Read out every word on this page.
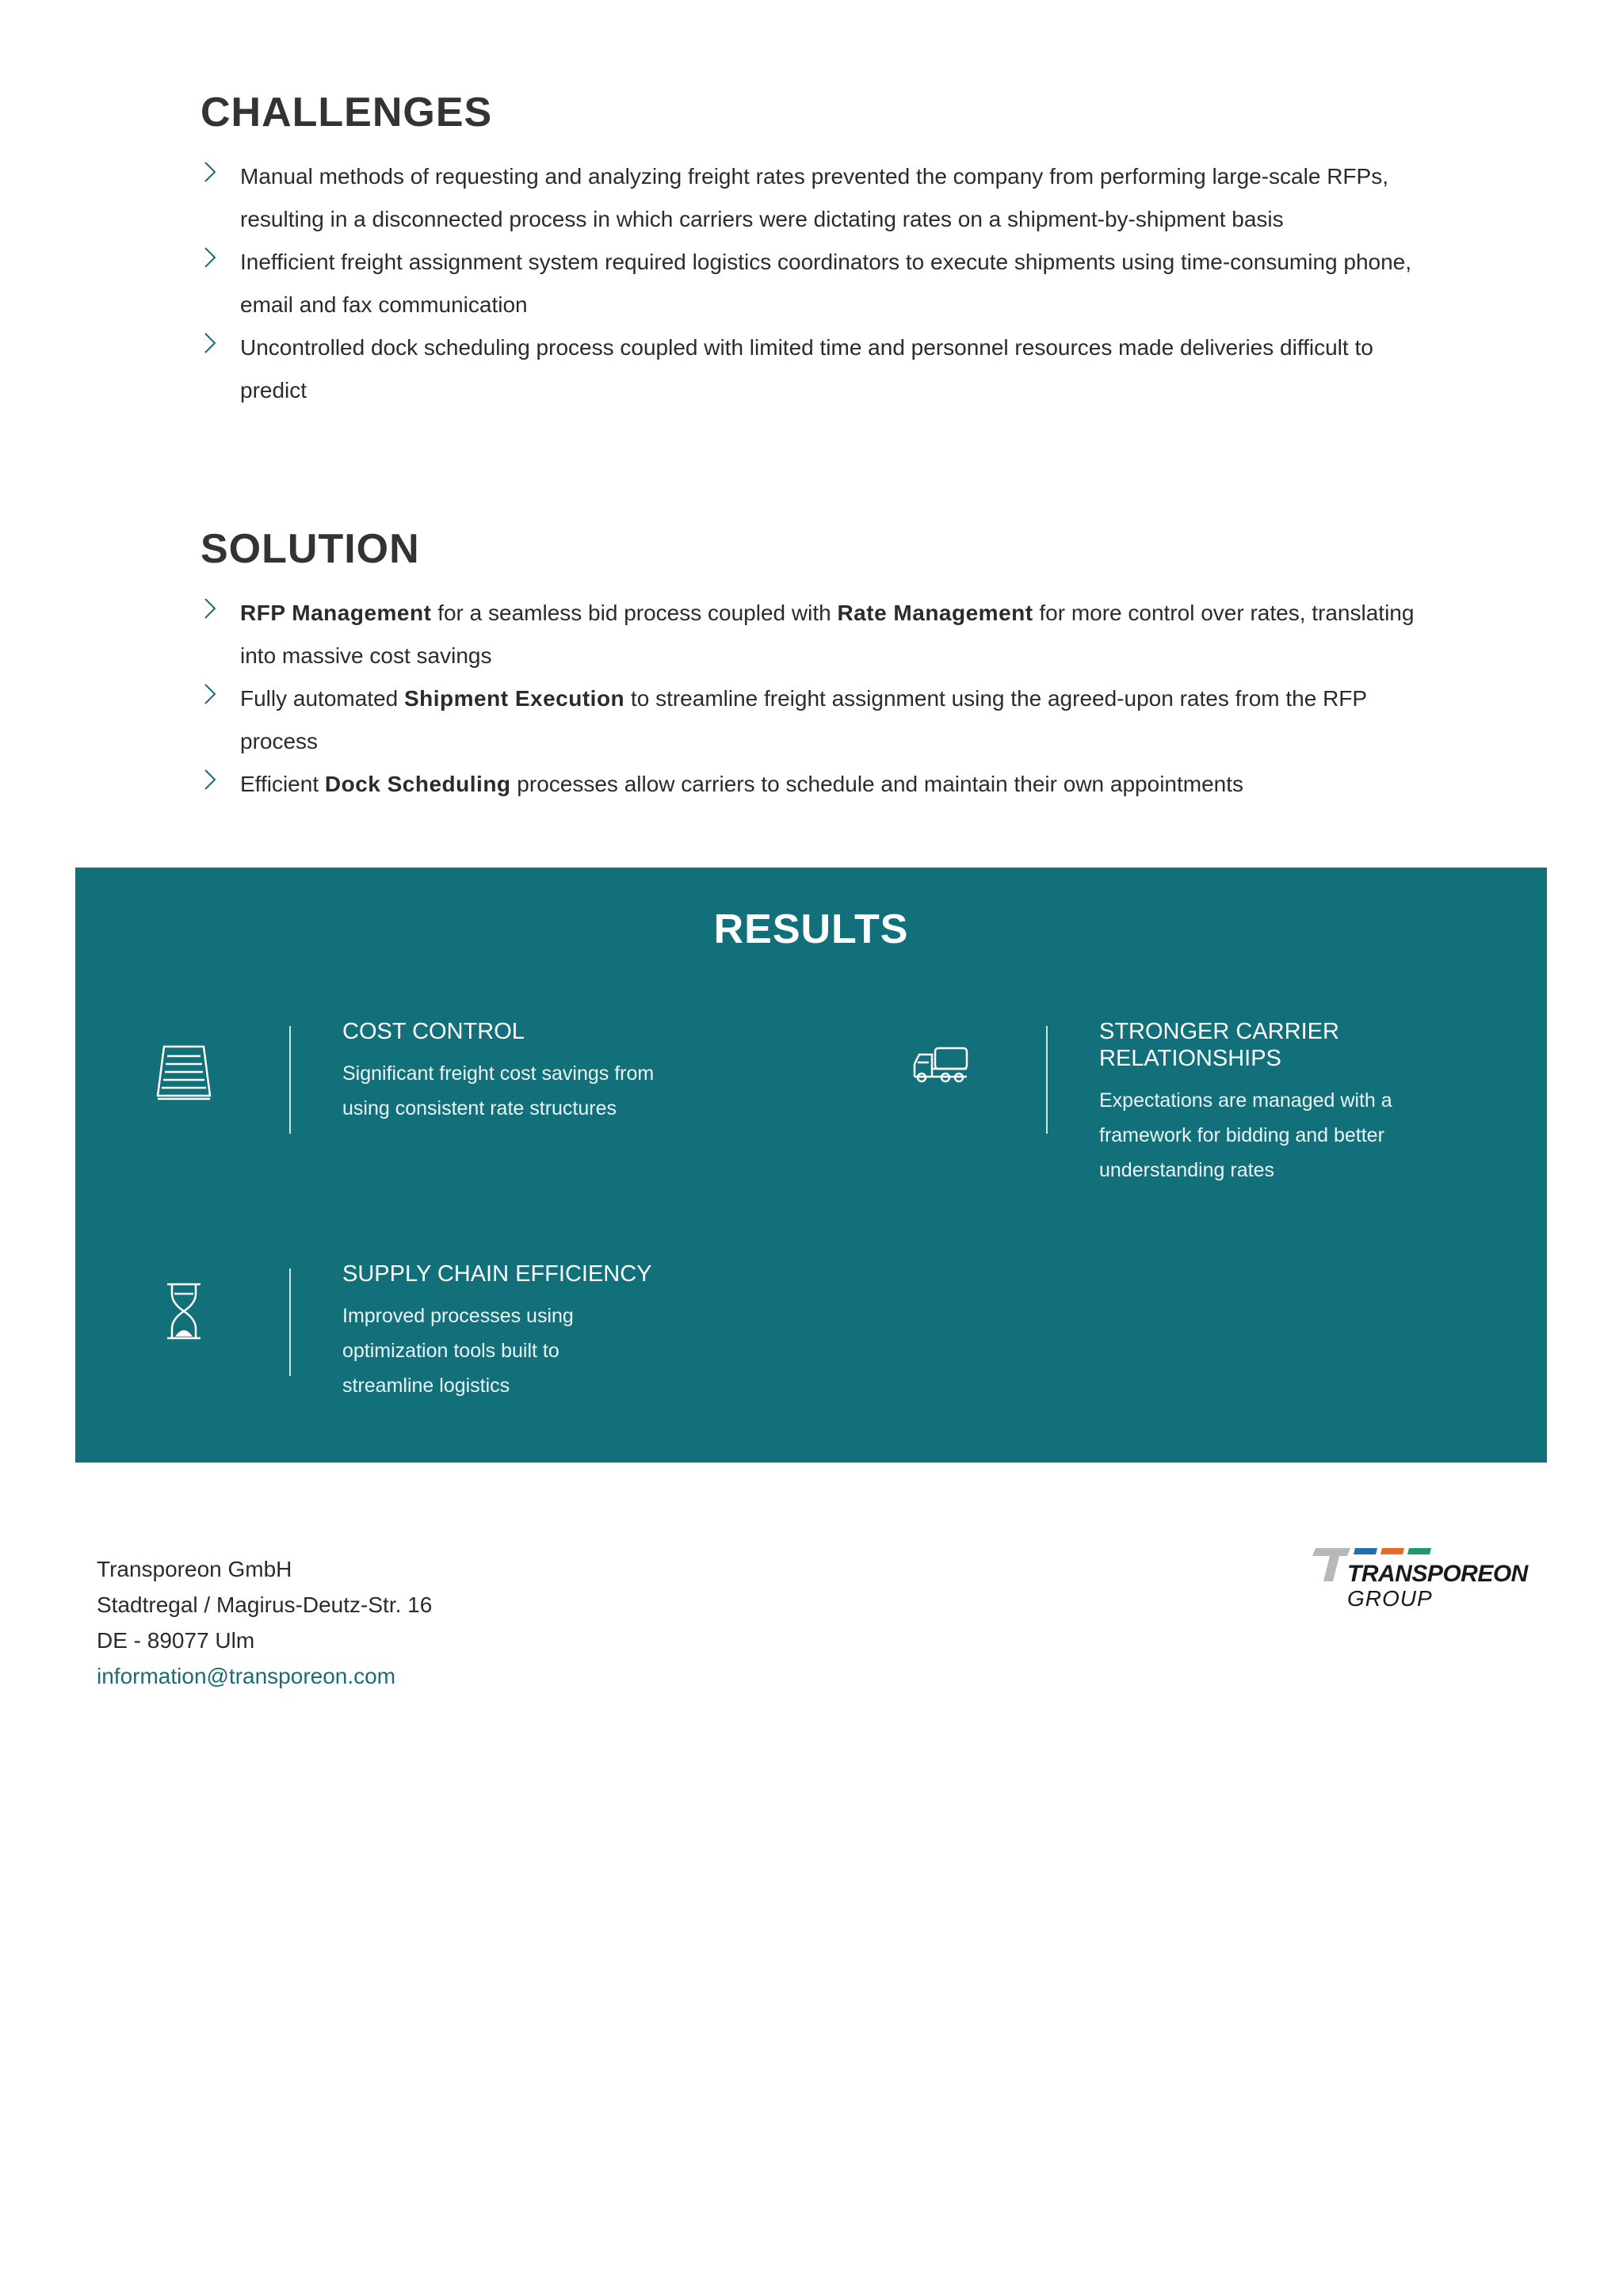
CHALLENGES
Manual methods of requesting and analyzing freight rates prevented the company from performing large-scale RFPs, resulting in a disconnected process in which carriers were dictating rates on a shipment-by-shipment basis
Inefficient freight assignment system required logistics coordinators to execute shipments using time-consuming phone, email and fax communication
Uncontrolled dock scheduling process coupled with limited time and personnel resources made deliveries difficult to predict
SOLUTION
RFP Management for a seamless bid process coupled with Rate Management for more control over rates, translating into massive cost savings
Fully automated Shipment Execution to streamline freight assignment using the agreed-upon rates from the RFP process
Efficient Dock Scheduling processes allow carriers to schedule and maintain their own appointments
RESULTS
COST CONTROL
Significant freight cost savings from using consistent rate structures
STRONGER CARRIER RELATIONSHIPS
Expectations are managed with a framework for bidding and better understanding rates
SUPPLY CHAIN EFFICIENCY
Improved processes using optimization tools built to streamline logistics
Transporeon GmbH
Stadtregal / Magirus-Deutz-Str. 16
DE - 89077 Ulm
information@transporeon.com
TRANSPOREON
GROUP
